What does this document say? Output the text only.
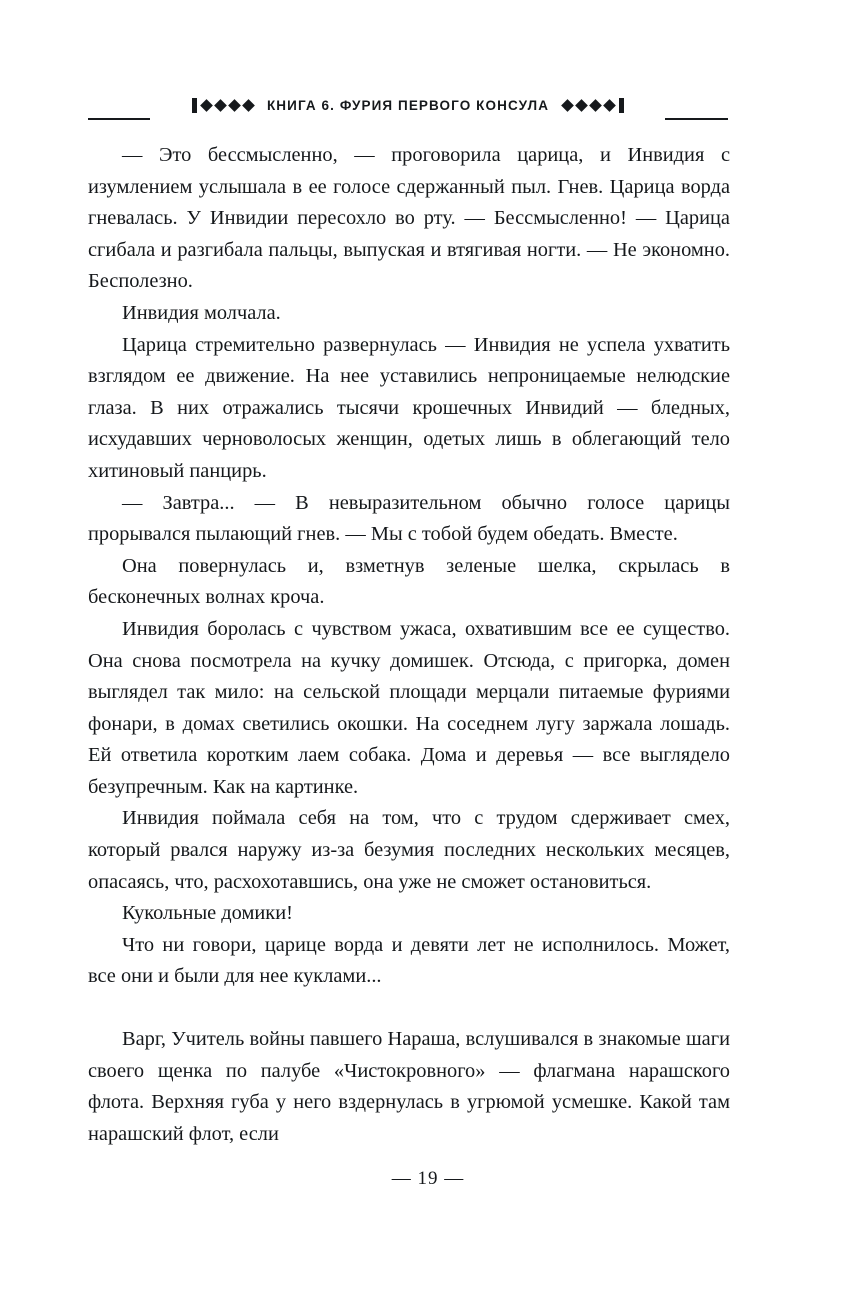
КНИГА 6. ФУРИЯ ПЕРВОГО КОНСУЛА

— Это бессмысленно, — проговорила царица, и Инвидия с изумлением услышала в ее голосе сдержанный пыл. Гнев. Царица ворда гневалась. У Инвидии пересохло во рту. — Бессмысленно! — Царица сгибала и разгибала пальцы, выпуская и втягивая ногти. — Не экономно. Бесполезно.

Инвидия молчала.

Царица стремительно развернулась — Инвидия не успела ухватить взглядом ее движение. На нее уставились непроницаемые нелюдские глаза. В них отражались тысячи крошечных Инвидий — бледных, исхудавших черноволосых женщин, одетых лишь в облегающий тело хитиновый панцирь.

— Завтра... — В невыразительном обычно голосе царицы прорывался пылающий гнев. — Мы с тобой будем обедать. Вместе.

Она повернулась и, взметнув зеленые шелка, скрылась в бесконечных волнах кроча.

Инвидия боролась с чувством ужаса, охватившим все ее существо. Она снова посмотрела на кучку домишек. Отсюда, с пригорка, домен выглядел так мило: на сельской площади мерцали питаемые фуриями фонари, в домах светились окошки. На соседнем лугу заржала лошадь. Ей ответила коротким лаем собака. Дома и деревья — все выглядело безупречным. Как на картинке.

Инвидия поймала себя на том, что с трудом сдерживает смех, который рвался наружу из-за безумия последних нескольких месяцев, опасаясь, что, расхохотавшись, она уже не сможет остановиться.

Кукольные домики!

Что ни говори, царице ворда и девяти лет не исполнилось. Может, все они и были для нее куклами...

Варг, Учитель войны павшего Нараша, вслушивался в знакомые шаги своего щенка по палубе «Чистокровного» — флагмана нарашского флота. Верхняя губа у него вздернулась в угрюмой усмешке. Какой там нарашский флот, если

— 19 —
